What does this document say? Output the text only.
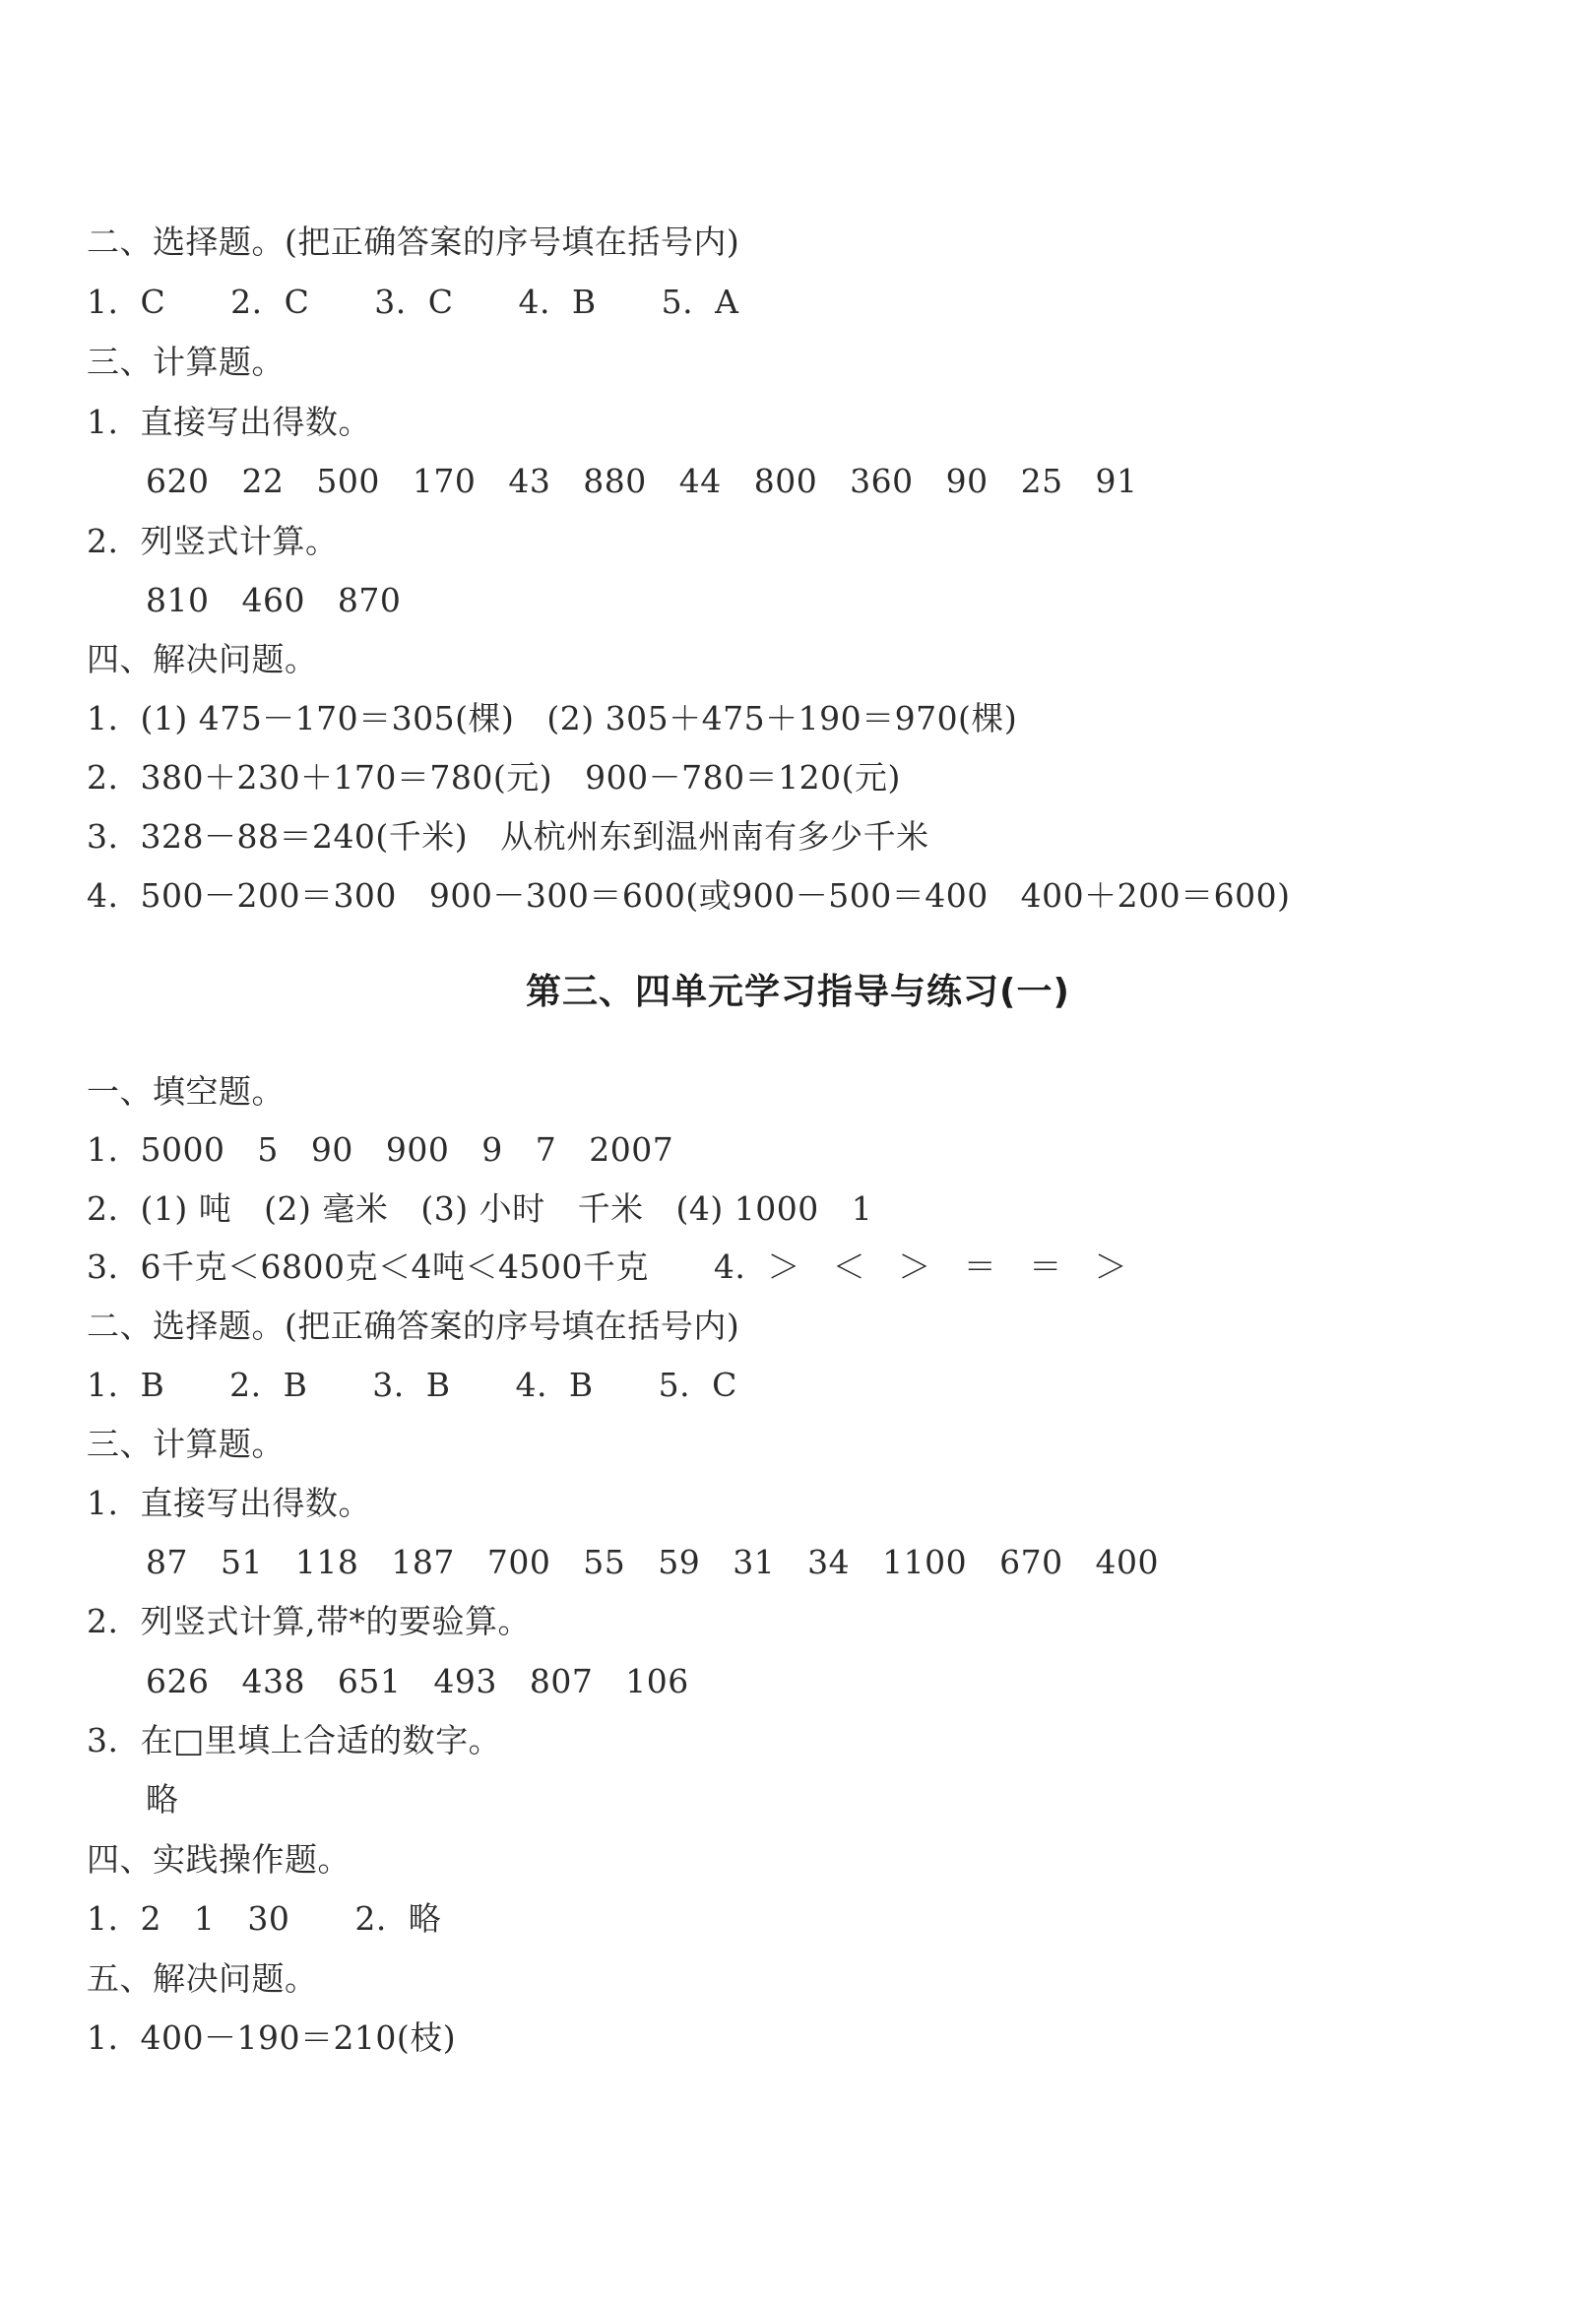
二、选择题。(把正确答案的序号填在括号内)
1.  C      2.  C      3.  C      4.  B      5.  A
三、计算题。
1.  直接写出得数。
620   22   500   170   43   880   44   800   360   90   25   91
2.  列竖式计算。
810   460   870
四、解决问题。
1.  (1) 475－170＝305(棵)   (2) 305＋475＋190＝970(棵)
2.  380＋230＋170＝780(元)   900－780＝120(元)
3.  328－88＝240(千米)   从杭州东到温州南有多少千米
4.  500－200＝300   900－300＝600(或900－500＝400   400＋200＝600)
第三、四单元学习指导与练习(一)
一、填空题。
1.  5000   5   90   900   9   7   2007
2.  (1) 吨   (2) 毫米   (3) 小时   千米   (4) 1000   1
3.  6千克＜6800克＜4吨＜4500千克      4.  ＞   ＜   ＞   ＝   ＝   ＞
二、选择题。(把正确答案的序号填在括号内)
1.  B      2.  B      3.  B      4.  B      5.  C
三、计算题。
1.  直接写出得数。
87   51   118   187   700   55   59   31   34   1100   670   400
2.  列竖式计算,带*的要验算。
626   438   651   493   807   106
3.  在□里填上合适的数字。
略
四、实践操作题。
1.  2   1   30      2.  略
五、解决问题。
1.  400－190＝210(枝)
